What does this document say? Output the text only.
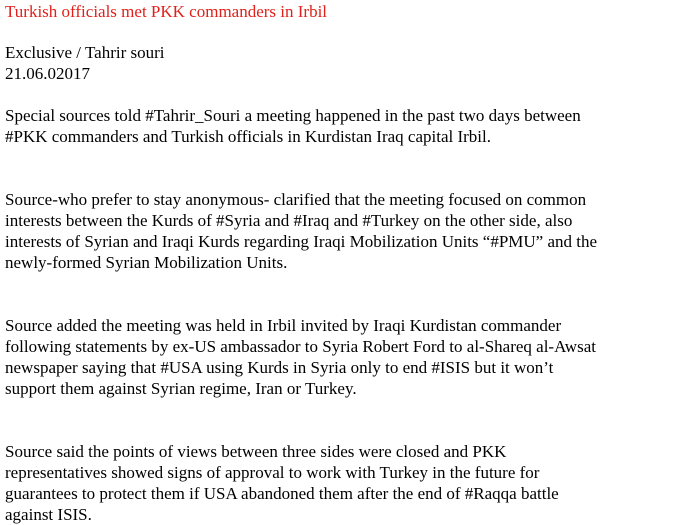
Turkish officials met PKK commanders in Irbil
Exclusive / Tahrir souri
21.06.02017

Special sources told #Tahrir_Souri a meeting happened in the past two days between
#PKK commanders and Turkish officials in Kurdistan Iraq capital Irbil.

Source-who prefer to stay anonymous- clarified that the meeting focused on common
interests between the Kurds of #Syria and #Iraq and #Turkey on the other side, also
interests of Syrian and Iraqi Kurds regarding Iraqi Mobilization Units “#PMU” and the
newly-formed Syrian Mobilization Units.

Source added the meeting was held in Irbil invited by Iraqi Kurdistan commander
following statements by ex-US ambassador to Syria Robert Ford to al-Shareq al-Awsat
newspaper saying that #USA using Kurds in Syria only to end #ISIS but it won’t
support them against Syrian regime, Iran or Turkey.

Source said the points of views between three sides were closed and PKK
representatives showed signs of approval to work with Turkey in the future for
guarantees to protect them if USA abandoned them after the end of #Raqqa battle
against ISIS.
